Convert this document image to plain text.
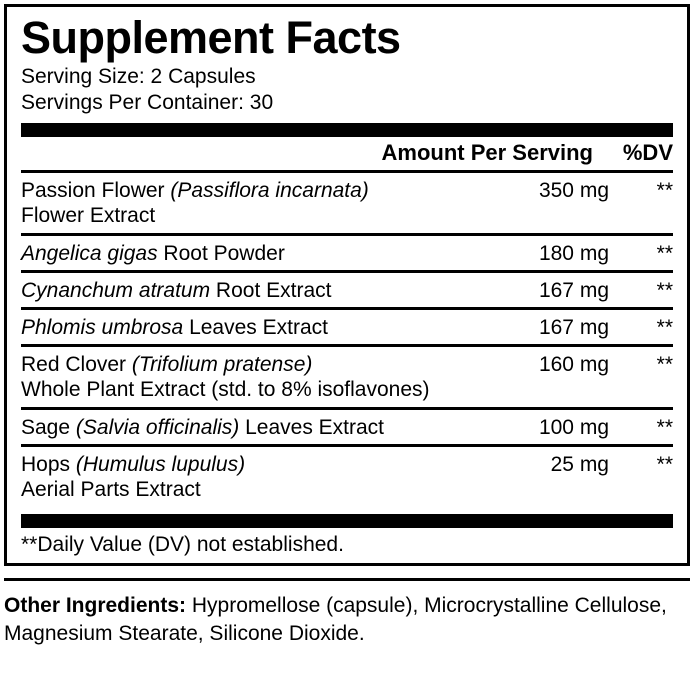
Supplement Facts
Serving Size: 2 Capsules
Servings Per Container: 30
Amount Per Serving	%DV
Passion Flower (Passiflora incarnata)
Flower Extract
350 mg	**
Angelica gigas Root Powder	180 mg	**
Cynanchum atratum Root Extract	167 mg	**
Phlomis umbrosa Leaves Extract	167 mg	**
Red Clover (Trifolium pratense)
Whole Plant Extract (std. to 8% isoflavones)
160 mg	**
Sage (Salvia officinalis) Leaves Extract	100 mg	**
Hops (Humulus lupulus)
Aerial Parts Extract
25 mg	**
**Daily Value (DV) not established.
Other Ingredients: Hypromellose (capsule), Microcrystalline Cellulose, Magnesium Stearate, Silicone Dioxide.
